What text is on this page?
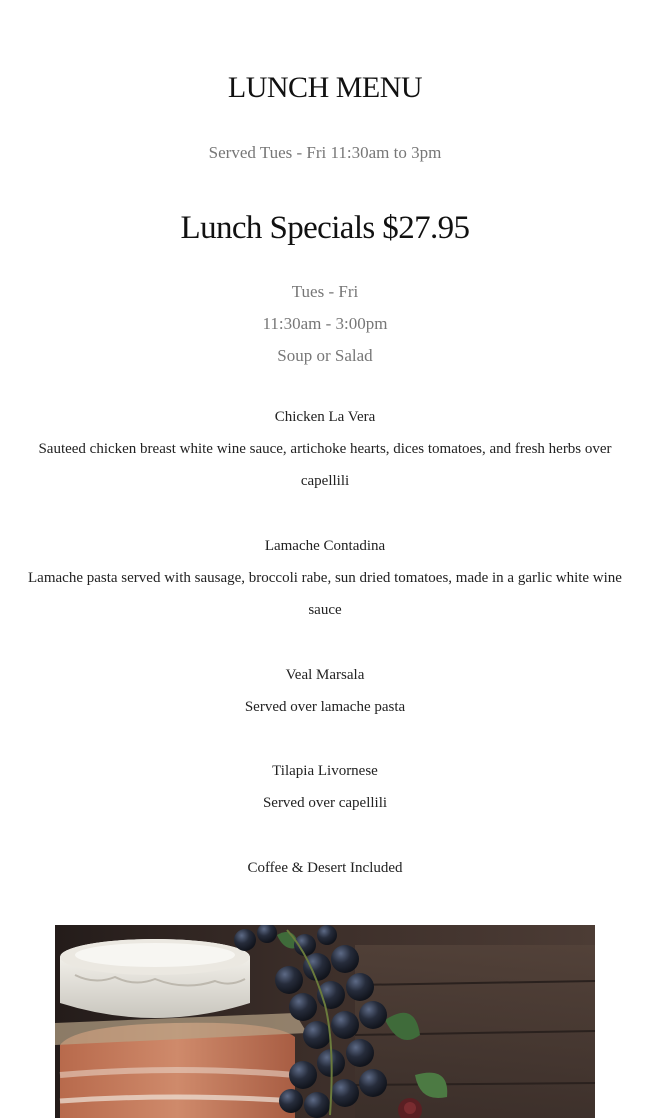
LUNCH MENU
Served Tues - Fri 11:30am to 3pm
Lunch Specials $27.95
Tues - Fri
11:30am - 3:00pm
Soup or Salad
Chicken La Vera
Sauteed chicken breast white wine sauce, artichoke hearts, dices tomatoes, and fresh herbs over capellili
Lamache Contadina
Lamache pasta served with sausage, broccoli rabe, sun dried tomatoes, made in a garlic white wine sauce
Veal Marsala
Served over lamache pasta
Tilapia Livornese
Served over capellili
Coffee & Desert Included
